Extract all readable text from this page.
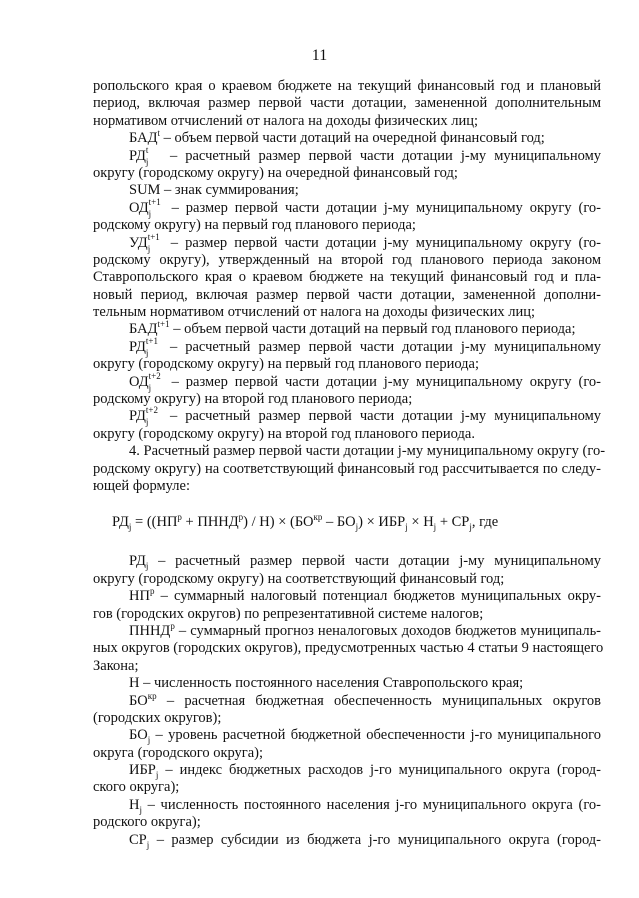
11
ропольского края о краевом бюджете на текущий финансовый год и плановый
период, включая размер первой части дотации, замененной дополнительным
нормативом отчислений от налога на доходы физических лиц;
БАД$^t$ – объем первой части дотаций на очередной финансовый год;
РД t
j – расчетный размер первой части дотации j-му муниципальному
округу (городскому округу) на очередной финансовый год;
SUM – знак суммирования;
ОД t+1
j – размер первой части дотации j-му муниципальному округу (го-
родскому округу) на первый год планового периода;
УД t+1
j – размер первой части дотации j-му муниципальному округу (го-
родскому округу), утвержденный на второй год планового периода законом
Ставропольского края о краевом бюджете на текущий финансовый год и пла-
новый период, включая размер первой части дотации, замененной дополни-
тельным нормативом отчислений от налога на доходы физических лиц;
$БАД^{t+1}$ – объем первой части дотаций на первый год планового периода;
РД t+1
j – расчетный размер первой части дотации j-му муниципальному
округу (городскому округу) на первый год планового периода;
ОД t+2
j – размер первой части дотации j-му муниципальному округу (го-
родскому округу) на второй год планового периода;
РД t+2
j – расчетный размер первой части дотации j-му муниципальному
округу (городскому округу) на второй год планового периода.
4. Расчетный размер первой части дотации j-му муниципальному округу (го-
родскому округу) на соответствующий финансовый год рассчитывается по следу-
ющей формуле:
$РД_j = ((НП^р$ + $ПННД^р) / Н) \times (БО^{кр} - БО_j) \times ИБР_j \times Н_j + СР_j$, где
$РД_j$ – расчетный размер первой части дотации j-му муниципальному
округу (городскому округу) на соответствующий финансовый год;
$НП^р$ – суммарный налоговый потенциал бюджетов муниципальных окру-
гов (городских округов) по репрезентативной системе налогов;
$ПННД^р$ – суммарный прогноз неналоговых доходов бюджетов муниципаль-
ных округов (городских округов), предусмотренных частью 4 статьи 9 настоящего
Закона;
Н – численность постоянного населения Ставропольского края;
$БО^{кр}$ – расчетная бюджетная обеспеченность муниципальных округов
(городских округов);
$БО_j$ – уровень расчетной бюджетной обеспеченности j-го муниципального
округа (городского округа);
$ИБР_j$ – индекс бюджетных расходов j-го муниципального округа (город-
ского округа);
$Н_j$ – численность постоянного населения j-го муниципального округа (го-
родского округа);
$СР_j$ – размер субсидии из бюджета j-го муниципального округа (город-
